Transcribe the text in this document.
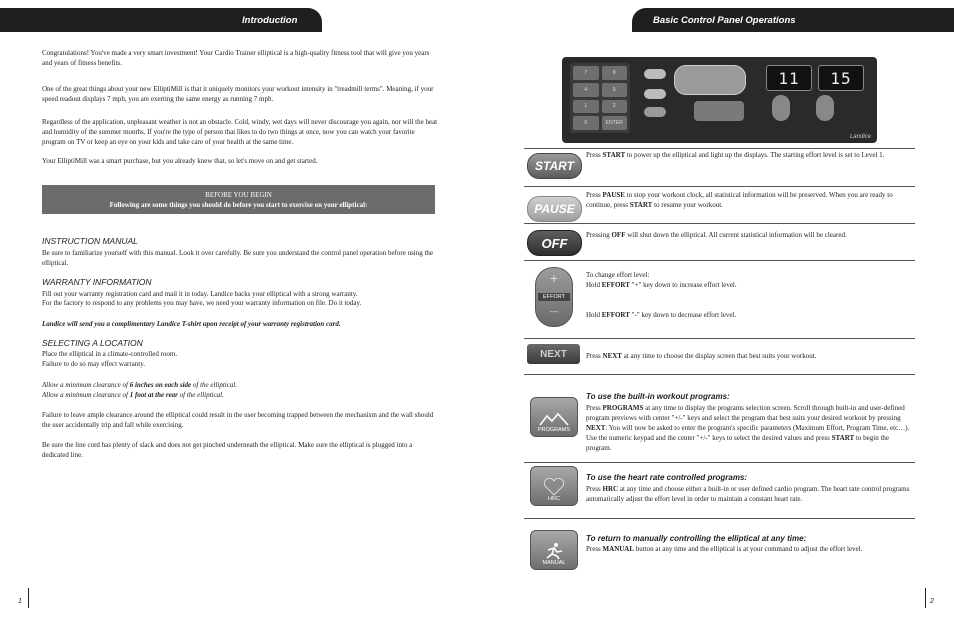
Introduction

Congratulations! You've made a very smart investment! Your Cardio Trainer elliptical is a high-quality fitness tool that will give you years and years of fitness benefits.

One of the great things about your new ElliptiMill is that it uniquely monitors your workout intensity in "treadmill terms". Meaning, if your speed readout displays 7 mph, you are exerting the same energy as running 7 mph.

Regardless of the application, unpleasant weather is not an obstacle. Cold, windy, wet days will never discourage you again, nor will the heat and humidity of the summer months. If you're the type of person that likes to do two things at once, now you can watch your favorite program on TV or keep an eye on your kids and take care of your health at the same time.

Your ElliptiMill was a smart purchase, but you already knew that, so let's move on and get started.

BEFORE YOU BEGIN
Following are some things you should do before you start to exercise on your elliptical:
INSTRUCTION MANUAL

Be sure to familiarize yourself with this manual. Look it over carefully. Be sure you understand the control panel operation before using the elliptical.

WARRANTY INFORMATION

Fill out your warranty registration card and mail it in today. Landice backs your elliptical with a strong warranty.

For the factory to respond to any problems you may have, we need your warranty information on file. Do it today.

Landice will send you a complimentary Landice T-shirt upon receipt of your warranty registration card.

SELECTING A LOCATION

Place the elliptical in a climate-controlled room.

Failure to do so may effect warranty.

Allow a minimum clearance of 6 inches on each side of the elliptical.

Allow a minimum clearance of 1 foot at the rear of the elliptical.

Failure to leave ample clearance around the elliptical could result in the user becoming trapped between the mechanism and the wall should the user accidentally trip and fall while exercising.

Be sure the line cord has plenty of slack and does not get pinched underneath the elliptical. Make sure the elliptical is plugged into a dedicated line.

1
Basic Control Panel Operations
7	8
4	5
1	2
0	ENTER
11	15
Landice
START

Press START to power up the elliptical and light up the displays. The starting effort level is set to Level 1.

PAUSE

Press PAUSE to stop your workout clock, all statistical information will be preserved. When you are ready to continue, press START to resume your workout.

OFF

Pressing OFF will shut down the elliptical. All current statistical information will be cleared.

+
EFFORT
—

To change effort level:

Hold EFFORT "+" key down to increase effort level.

Hold EFFORT "-" key down to decrease effort level.

NEXT	Press NEXT at any time to choose the display screen that best suits your workout.

PROGRAMS
To use the built-in workout programs:

Press PROGRAMS at any time to display the programs selection screen. Scroll through built-in and user-defined program previews with center "+/-" keys and select the program that best suits your desired workout by pressing NEXT. You will now be asked to enter the program's specific parameters (Maximum Effort, Program Time, etc…). Use the numeric keypad and the center "+/-" keys to select the desired values and press START to begin the program.

HRC
To use the heart rate controlled programs:

Press HRC at any time and choose either a built-in or user defined cardio program. The heart rate control programs automatically adjust the effort level in order to maintain a constant heart rate.

MANUAL
To return to manually controlling the elliptical at any time:

Press MANUAL button at any time and the elliptical is at your command to adjust the effort level.

2
